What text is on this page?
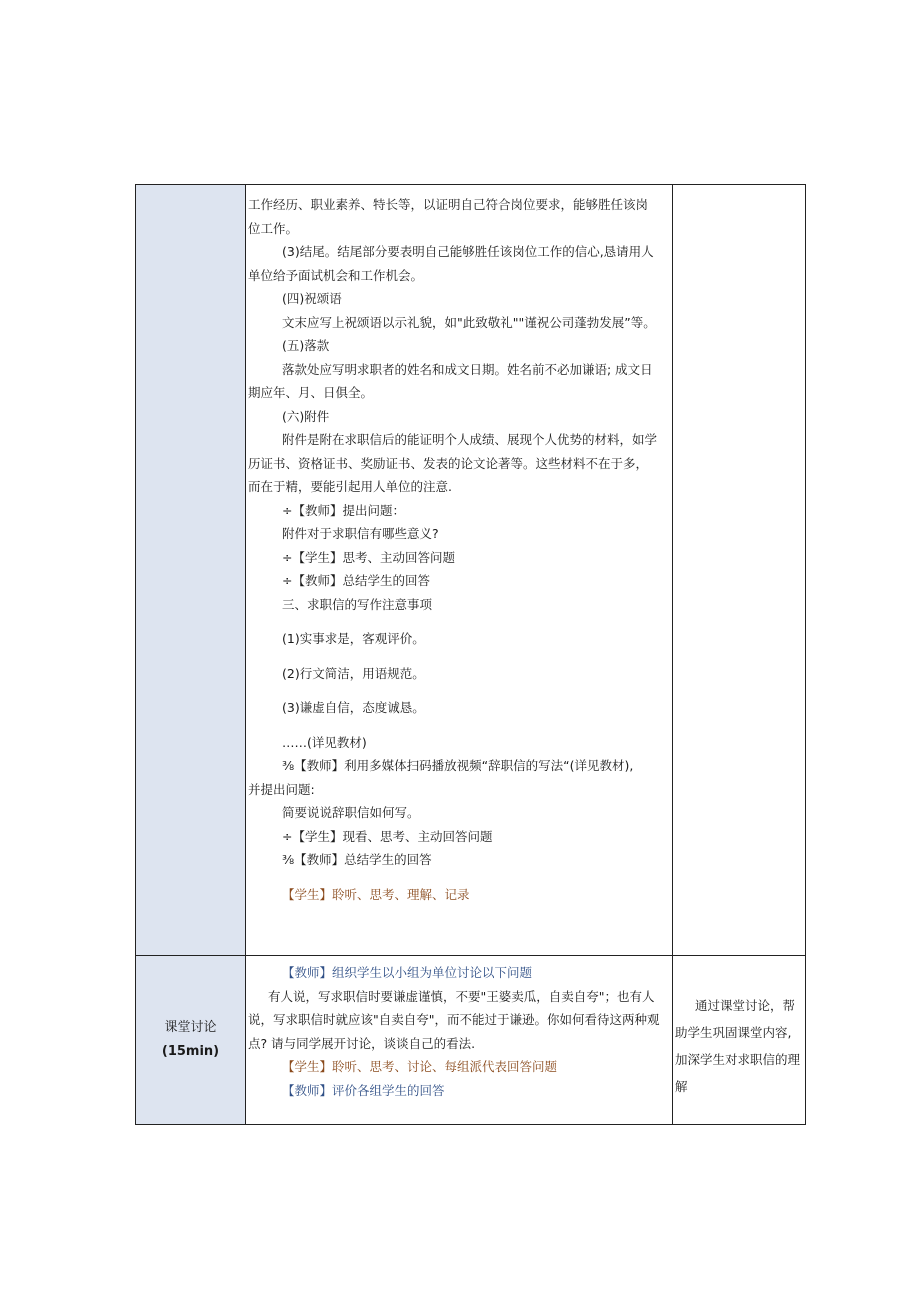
工作经历、职业素养、特长等，以证明自己符合岗位要求，能够胜任该岗

位工作。

(3)结尾。结尾部分要表明自己能够胜任该岗位工作的信心,恳请用人

单位给予面试机会和工作机会。

(四)祝颂语

文末应写上祝颂语以示礼貌，如"此致敬礼""谨祝公司蓬勃发展”等。

(五)落款

落款处应写明求职者的姓名和成文日期。姓名前不必加谦语; 成文日

期应年、月、日俱全。

(六)附件

附件是附在求职信后的能证明个人成绩、展现个人优势的材料，如学

历证书、资格证书、奖励证书、发表的论文论著等。这些材料不在于多，

而在于精，要能引起用人单位的注意.

÷【教师】提出问题：

附件对于求职信有哪些意义?

÷【学生】思考、主动回答问题

÷【教师】总结学生的回答

三、求职信的写作注意事项

(1)实事求是，客观评价。

(2)行文简洁，用语规范。

(3)谦虚自信，态度诚恳。

……(详见教材)

⅜【教师】利用多媒体扫码播放视频“辞职信的写法“(详见教材),

并提出问题:

简要说说辞职信如何写。

÷【学生】现看、思考、主动回答问题

⅜【教师】总结学生的回答

【学生】聆听、思考、理解、记录

课堂讨论
(15min)

【教师】组织学生以小组为单位讨论以下问题

有人说，写求职信时要谦虚谨慎，不要"王婆卖瓜，自卖自夸"；也有人

说，写求职信时就应该"自卖自夸"，而不能过于谦逊。你如何看待这两种观

点? 请与同学展开讨论，谈谈自己的看法.

【学生】聆听、思考、讨论、每组派代表回答问题

【教师】评价各组学生的回答

通过课堂讨论，帮

助学生巩固课堂内容,

加深学生对求职信的理

解
